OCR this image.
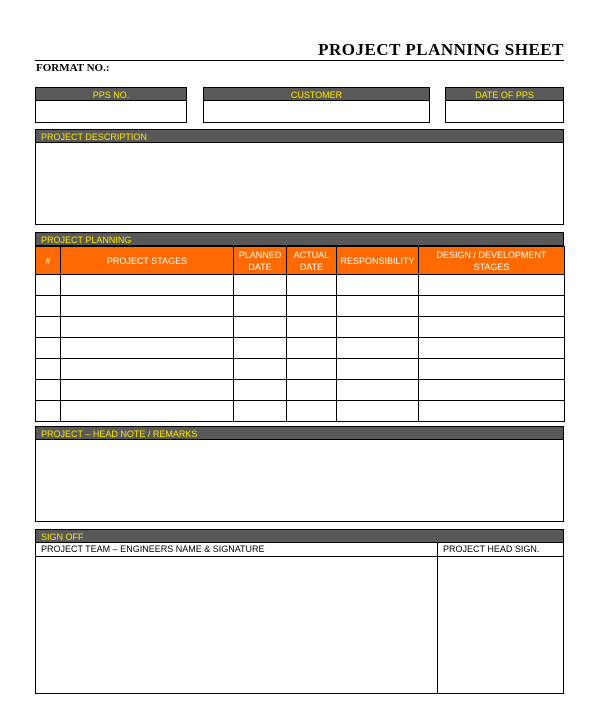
PROJECT PLANNING SHEET
FORMAT NO.:
PPS NO.	CUSTOMER	DATE OF PPS
PROJECT DESCRIPTION
PROJECT PLANNING
#	PROJECT STAGES	PLANNED DATE	ACTUAL DATE	RESPONSIBILITY	DESIGN / DEVELOPMENT STAGES

PROJECT – HEAD NOTE / REMARKS
SIGN OFF
PROJECT TEAM – ENGINEERS NAME & SIGNATURE	PROJECT HEAD SIGN.
